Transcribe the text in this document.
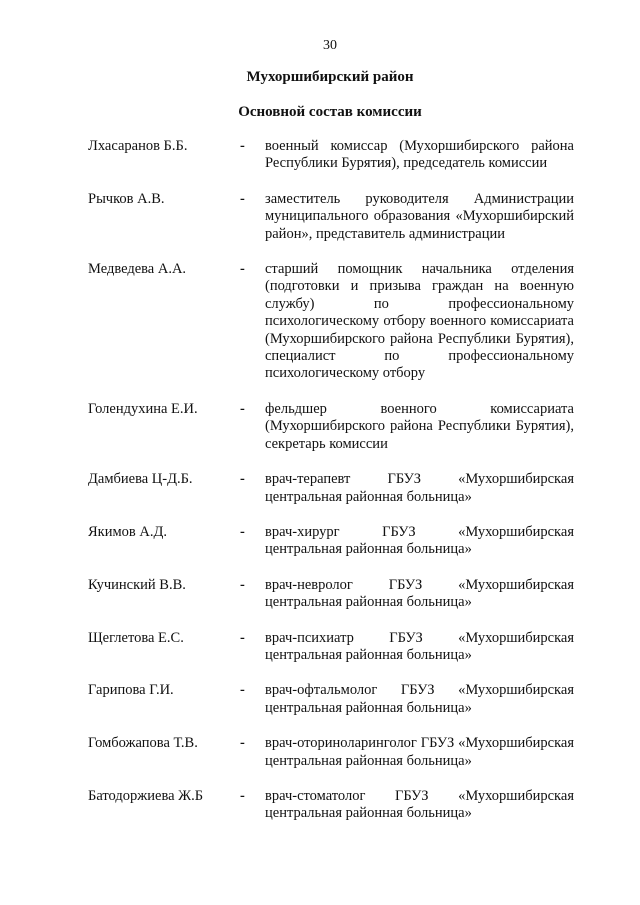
30
Мухоршибирский район
Основной состав комиссии
Лхасаранов Б.Б.	-	военный комиссар (Мухоршибирского района Республики Бурятия), председатель комиссии
Рычков А.В.	-	заместитель руководителя Администрации муниципального образования «Мухоршибирский район», представитель администрации
Медведева А.А.	-	старший помощник начальника отделения (подготовки и призыва граждан на военную службу) по профессиональному психологическому отбору военного комиссариата (Мухоршибирского района Республики Бурятия), специалист по профессиональному психологическому отбору
Голендухина Е.И.	-	фельдшер военного комиссариата (Мухоршибирского района Республики Бурятия), секретарь комиссии
Дамбиева Ц-Д.Б.	-	врач-терапевт ГБУЗ «Мухоршибирская центральная районная больница»
Якимов А.Д.	-	врач-хирург ГБУЗ «Мухоршибирская центральная районная больница»
Кучинский В.В.	-	врач-невролог ГБУЗ «Мухоршибирская центральная районная больница»
Щеглетова Е.С.	-	врач-психиатр ГБУЗ «Мухоршибирская центральная районная больница»
Гарипова Г.И.	-	врач-офтальмолог ГБУЗ «Мухоршибирская центральная районная больница»
Гомбожапова Т.В.	-	врач-оториноларинголог ГБУЗ «Мухоршибирская центральная районная больница»
Батодоржиева Ж.Б	-	врач-стоматолог ГБУЗ «Мухоршибирская центральная районная больница»
